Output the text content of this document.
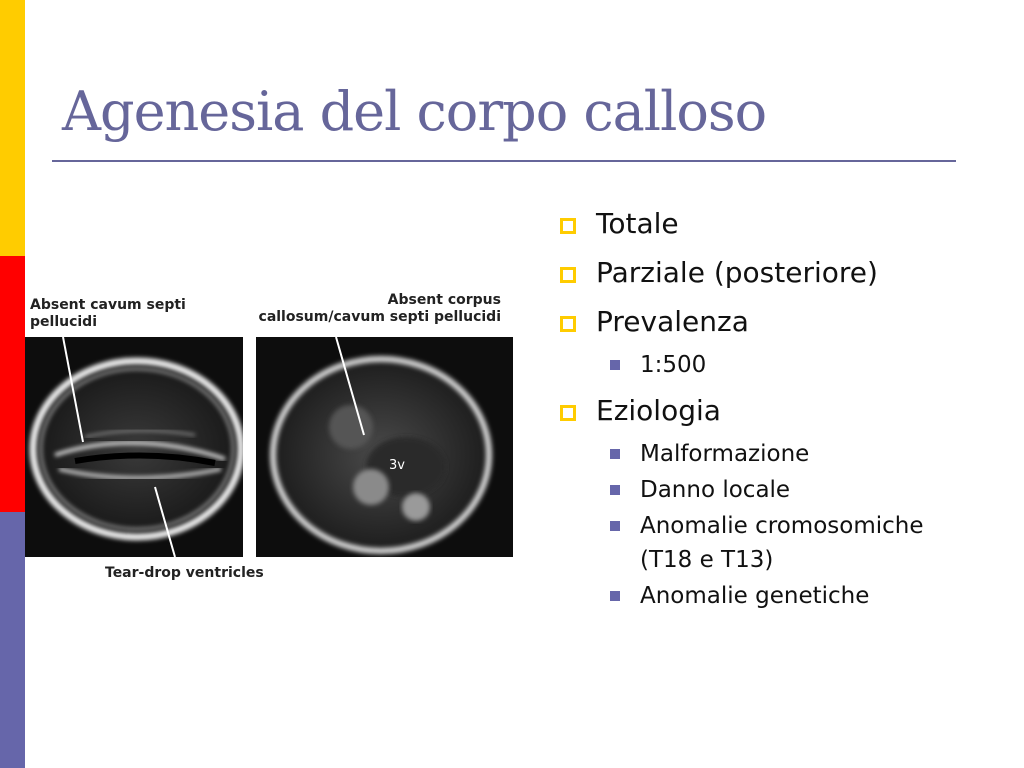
Agenesia del corpo calloso
Absent cavum septi
pellucidi
Absent corpus
callosum/cavum septi pellucidi
3v
Tear-drop ventricles
Totale
Parziale (posteriore)
Prevalenza
1:500
Eziologia
Malformazione
Danno locale
Anomalie cromosomiche (T18 e T13)
Anomalie genetiche
